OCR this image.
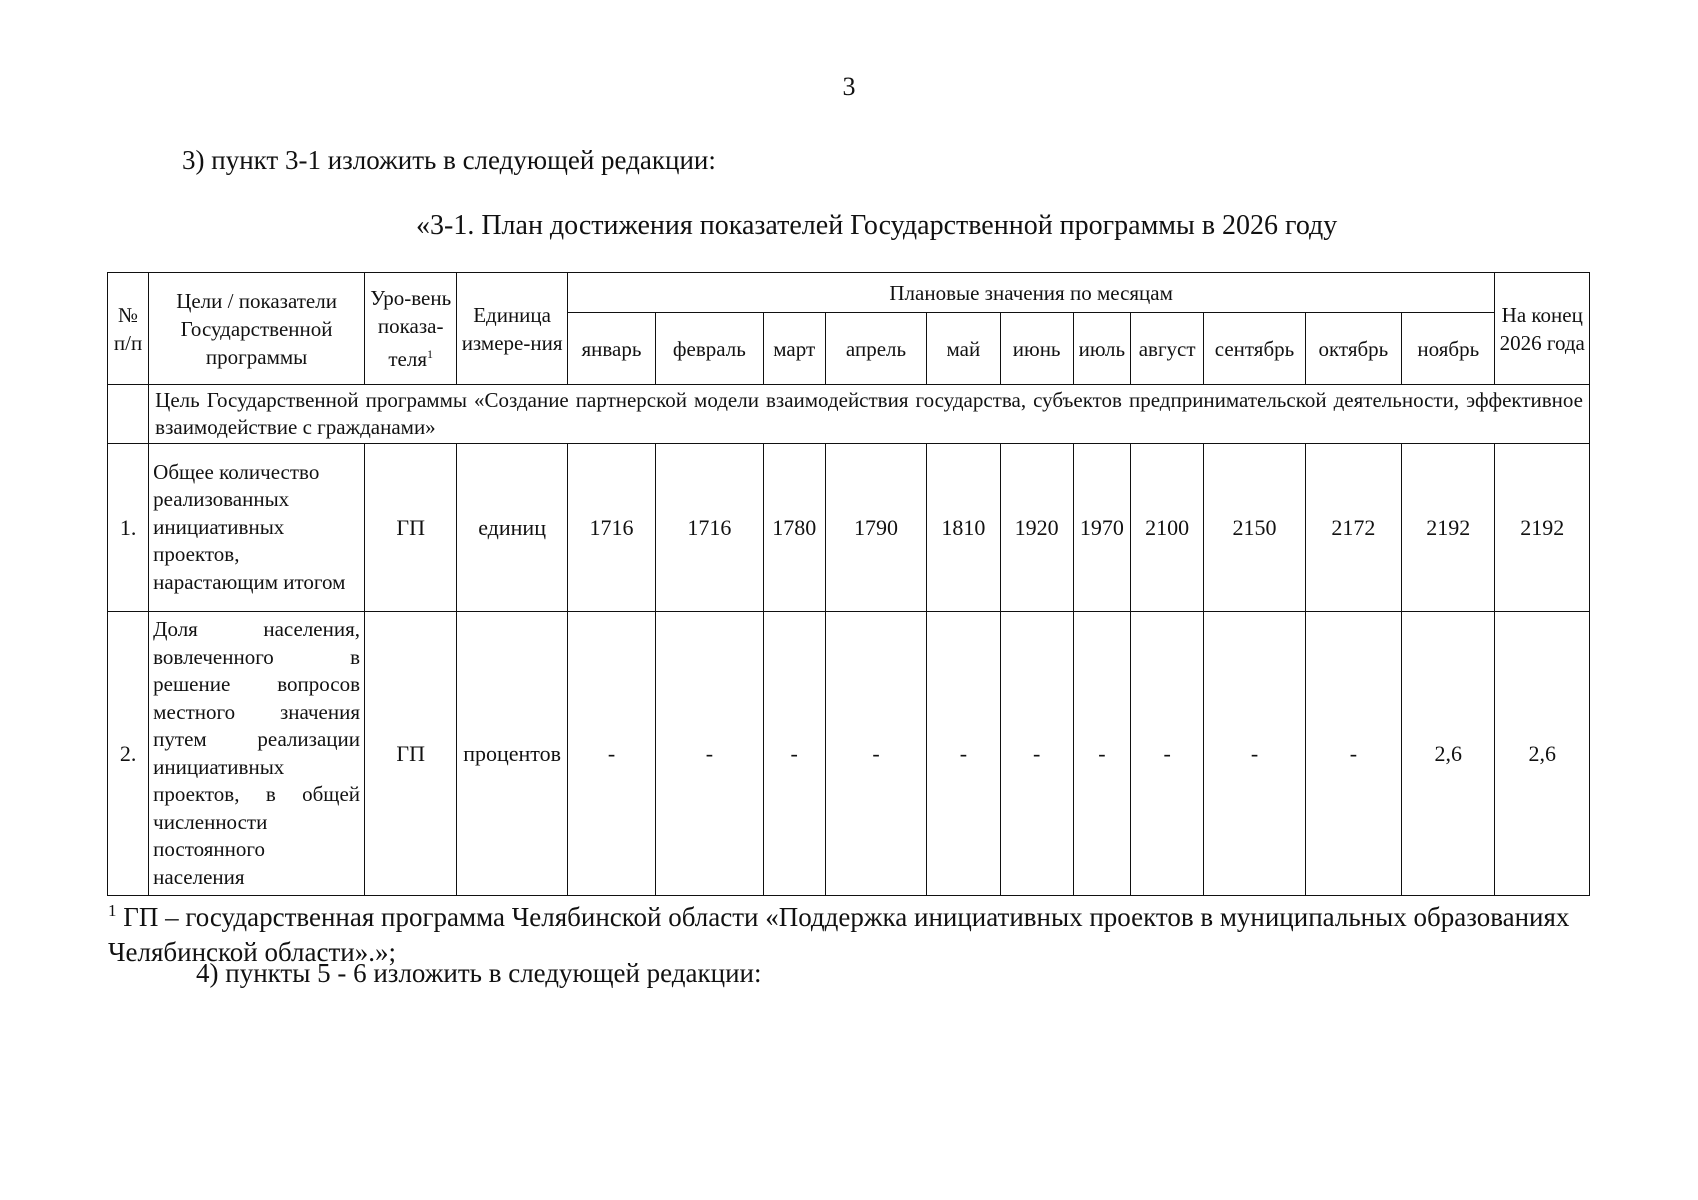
3
3) пункт 3-1 изложить в следующей редакции:
«3-1. План достижения показателей Государственной программы в 2026 году
№ п/п	Цели / показатели Государственной программы	Уро-вень показа-теля$^1$	Единица измере-ния	Плановые значения по месяцам											На конец 2026 года
				январь	февраль	март	апрель	май	июнь	июль	август	сентябрь	октябрь	ноябрь	
	Цель Государственной программы «Создание партнерской модели взаимодействия государства, субъектов предпринимательской деятельности, эффективное взаимодействие с гражданами»														
1.	Общее количество реализованных инициативных проектов, нарастающим итогом	ГП	единиц	1716	1716	1780	1790	1810	1920	1970	2100	2150	2172	2192	2192
2.	Доля населения, вовлеченного в решение вопросов местного значения путем реализации инициативных проектов, в общей численности постоянного населения	ГП	процентов	-	-	-	-	-	-	-	-	-	-	2,6	2,6
$^1$ ГП – государственная программа Челябинской области «Поддержка инициативных проектов в муниципальных образованиях Челябинской области».»;
4) пункты 5 - 6 изложить в следующей редакции:
